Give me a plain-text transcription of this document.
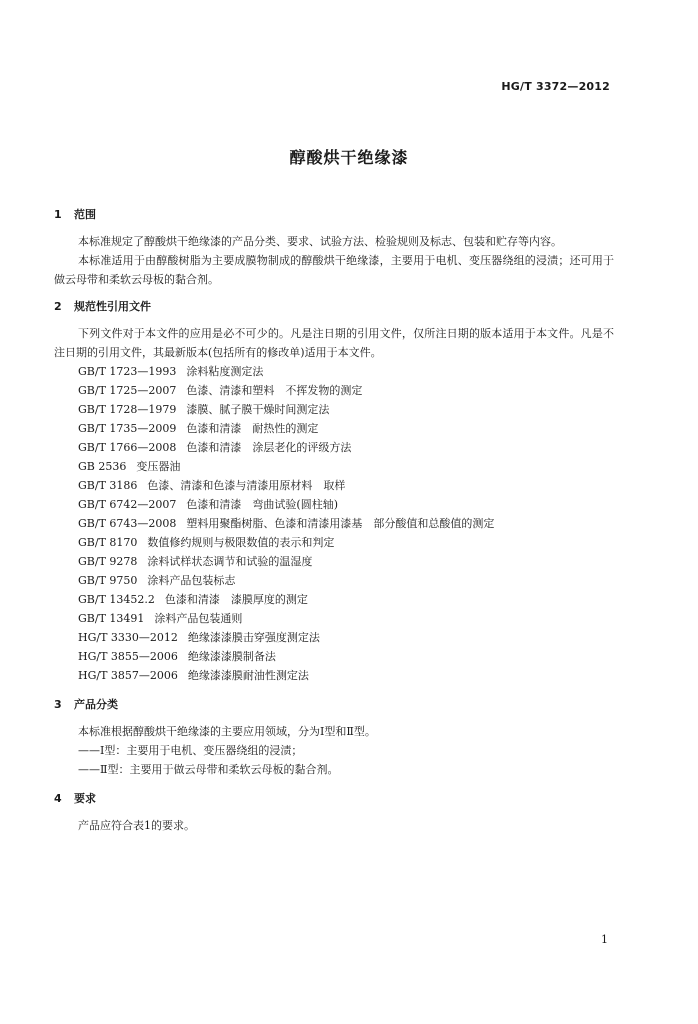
HG/T 3372—2012
醇酸烘干绝缘漆
1 范围

本标准规定了醇酸烘干绝缘漆的产品分类、要求、试验方法、检验规则及标志、包装和贮存等内容。

本标准适用于由醇酸树脂为主要成膜物制成的醇酸烘干绝缘漆，主要用于电机、变压器绕组的浸渍；还可用于做云母带和柔软云母板的黏合剂。

2 规范性引用文件

下列文件对于本文件的应用是必不可少的。凡是注日期的引用文件，仅所注日期的版本适用于本文件。凡是不注日期的引用文件，其最新版本(包括所有的修改单)适用于本文件。

GB/T 1723—1993 涂料粘度测定法
GB/T 1725—2007 色漆、清漆和塑料　不挥发物的测定
GB/T 1728—1979 漆膜、腻子膜干燥时间测定法
GB/T 1735—2009 色漆和清漆　耐热性的测定
GB/T 1766—2008 色漆和清漆　涂层老化的评级方法
GB 2536 变压器油
GB/T 3186 色漆、清漆和色漆与清漆用原材料　取样
GB/T 6742—2007 色漆和清漆　弯曲试验(圆柱轴)
GB/T 6743—2008 塑料用聚酯树脂、色漆和清漆用漆基　部分酸值和总酸值的测定
GB/T 8170 数值修约规则与极限数值的表示和判定
GB/T 9278 涂料试样状态调节和试验的温湿度
GB/T 9750 涂料产品包装标志
GB/T 13452.2 色漆和清漆　漆膜厚度的测定
GB/T 13491 涂料产品包装通则
HG/T 3330—2012 绝缘漆漆膜击穿强度测定法
HG/T 3855—2006 绝缘漆漆膜制备法
HG/T 3857—2006 绝缘漆漆膜耐油性测定法
3 产品分类

本标准根据醇酸烘干绝缘漆的主要应用领域，分为Ⅰ型和Ⅱ型。

——Ⅰ型：主要用于电机、变压器绕组的浸渍；
——Ⅱ型：主要用于做云母带和柔软云母板的黏合剂。
4 要求

产品应符合表1的要求。

1
